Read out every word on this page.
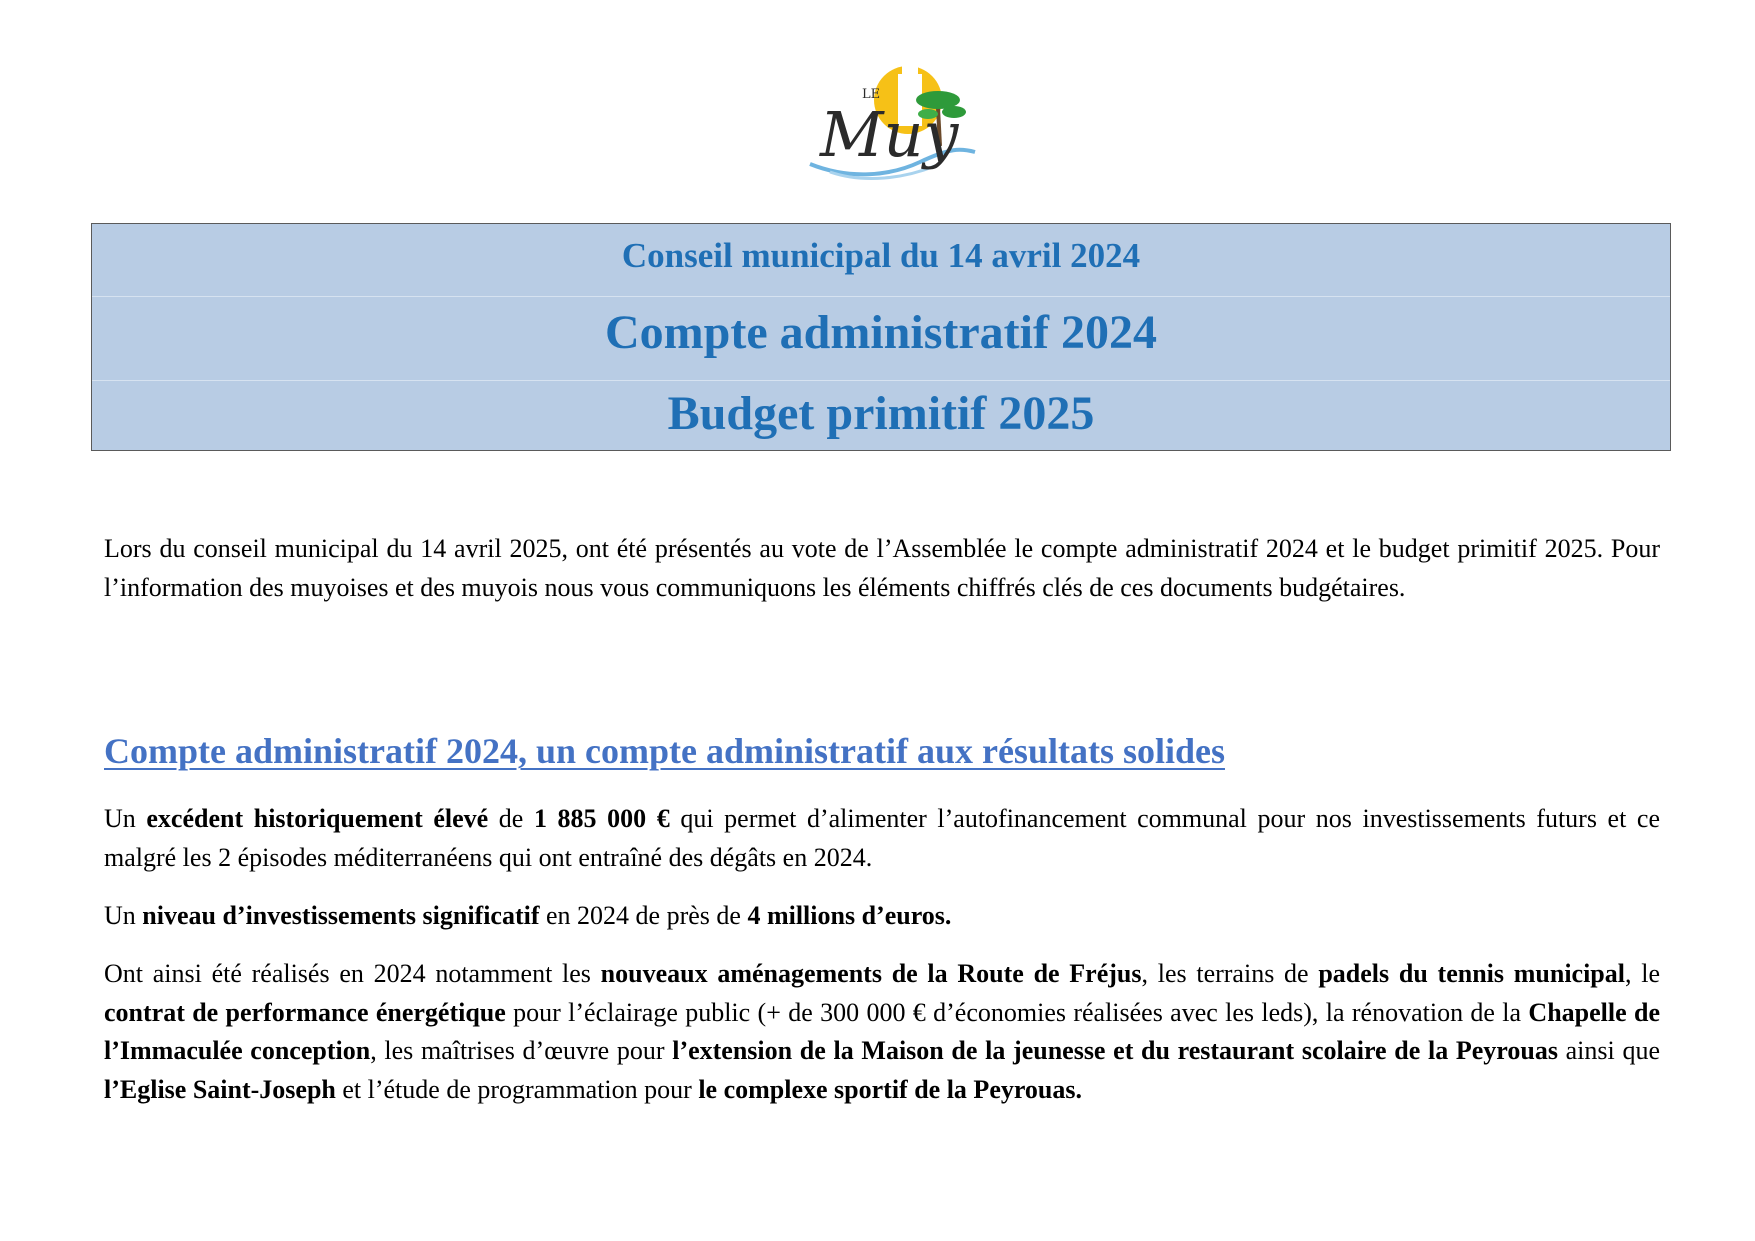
Muy
LE
Conseil municipal du 14 avril 2024
Compte administratif 2024
Budget primitif 2025

Lors du conseil municipal du 14 avril 2025, ont été présentés au vote de l’Assemblée le compte administratif 2024 et le budget primitif 2025. Pour l’information des muyoises et des muyois nous vous communiquons les éléments chiffrés clés de ces documents budgétaires.

Compte administratif 2024, un compte administratif aux résultats solides

Un excédent historiquement élevé de 1 885 000 € qui permet d’alimenter l’autofinancement communal pour nos investissements futurs et ce malgré les 2 épisodes méditerranéens qui ont entraîné des dégâts en 2024.

Un niveau d’investissements significatif en 2024 de près de 4 millions d’euros.

Ont ainsi été réalisés en 2024 notamment les nouveaux aménagements de la Route de Fréjus, les terrains de padels du tennis municipal, le contrat de performance énergétique pour l’éclairage public (+ de 300 000 € d’économies réalisées avec les leds), la rénovation de la Chapelle de l’Immaculée conception, les maîtrises d’œuvre pour l’extension de la Maison de la jeunesse et du restaurant scolaire de la Peyrouas ainsi que l’Eglise Saint-Joseph et l’étude de programmation pour le complexe sportif de la Peyrouas.
